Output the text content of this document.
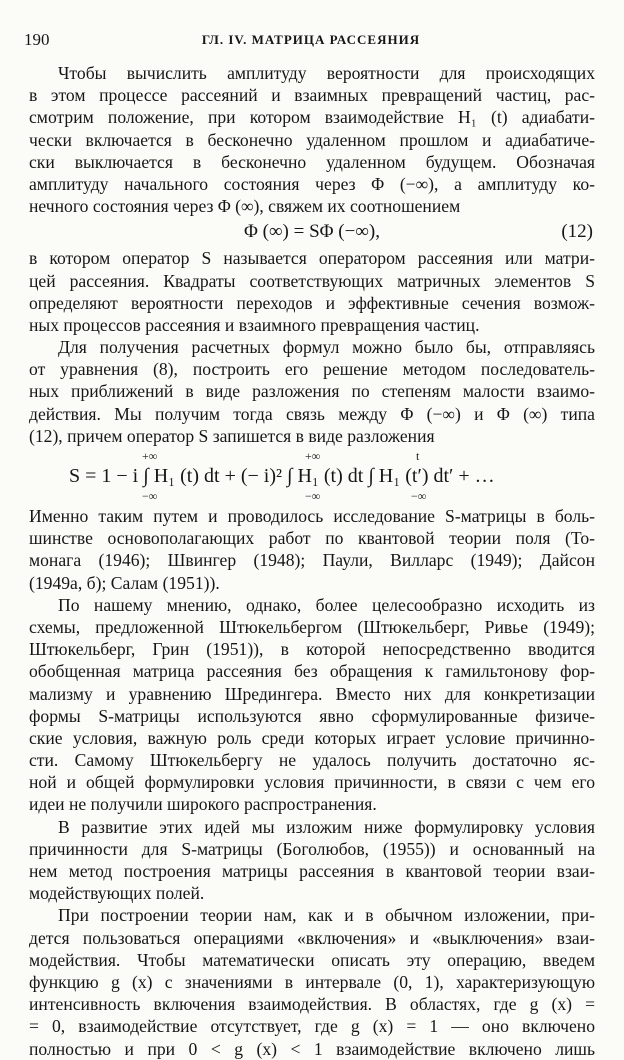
190	ГЛ. IV. МАТРИЦА РАССЕЯНИЯ
Чтобы вычислить амплитуду вероятности для происходящих
в этом процессе рассеяний и взаимных превращений частиц, рас-
смотрим положение, при котором взаимодействие H₁ (t) адиабати-
чески включается в бесконечно удаленном прошлом и адиабатиче-
ски выключается в бесконечно удаленном будущем. Обозначая
амплитуду начального состояния через Φ (−∞), а амплитуду ко-
нечного состояния через Φ (∞), свяжем их соотношением
Φ (∞) = SΦ (−∞),	(12)
в котором оператор S называется оператором рассеяния или матри-
цей рассеяния. Квадраты соответствующих матричных элементов S
определяют вероятности переходов и эффективные сечения возмож-
ных процессов рассеяния и взаимного превращения частиц.
Для получения расчетных формул можно было бы, отправляясь
от уравнения (8), построить его решение методом последователь-
ных приближений в виде разложения по степеням малости взаимо-
действия. Мы получим тогда связь между Φ (−∞) и Φ (∞) типа
(12), причем оператор S запишется в виде разложения
+∞
−∞
+∞
−∞
t
−∞
S = 1 − i ∫ H₁ (t) dt + (− i)² ∫ H₁ (t) dt ∫ H₁ (t′) dt′ + …
Именно таким путем и проводилось исследование S-матрицы в боль-
шинстве основополагающих работ по квантовой теории поля (То-
монага (1946); Швингер (1948); Паули, Вилларс (1949); Дайсон
(1949а, б); Салам (1951)).
По нашему мнению, однако, более целесообразно исходить из
схемы, предложенной Штюкельбергом (Штюкельберг, Ривье (1949);
Штюкельберг, Грин (1951)), в которой непосредственно вводится
обобщенная матрица рассеяния без обращения к гамильтонову фор-
мализму и уравнению Шредингера. Вместо них для конкретизации
формы S-матрицы используются явно сформулированные физиче-
ские условия, важную роль среди которых играет условие причинно-
сти. Самому Штюкельбергу не удалось получить достаточно яс-
ной и общей формулировки условия причинности, в связи с чем его
идеи не получили широкого распространения.
В развитие этих идей мы изложим ниже формулировку условия
причинности для S-матрицы (Боголюбов, (1955)) и основанный на
нем метод построения матрицы рассеяния в квантовой теории взаи-
модействующих полей.
При построении теории нам, как и в обычном изложении, при-
дется пользоваться операциями «включения» и «выключения» взаи-
модействия. Чтобы математически описать эту операцию, введем
функцию g (x) с значениями в интервале (0, 1), характеризующую
интенсивность включения взаимодействия. В областях, где g (x) =
= 0, взаимодействие отсутствует, где g (x) = 1 — оно включено
полностью и при 0 < g (x) < 1 взаимодействие включено лишь
